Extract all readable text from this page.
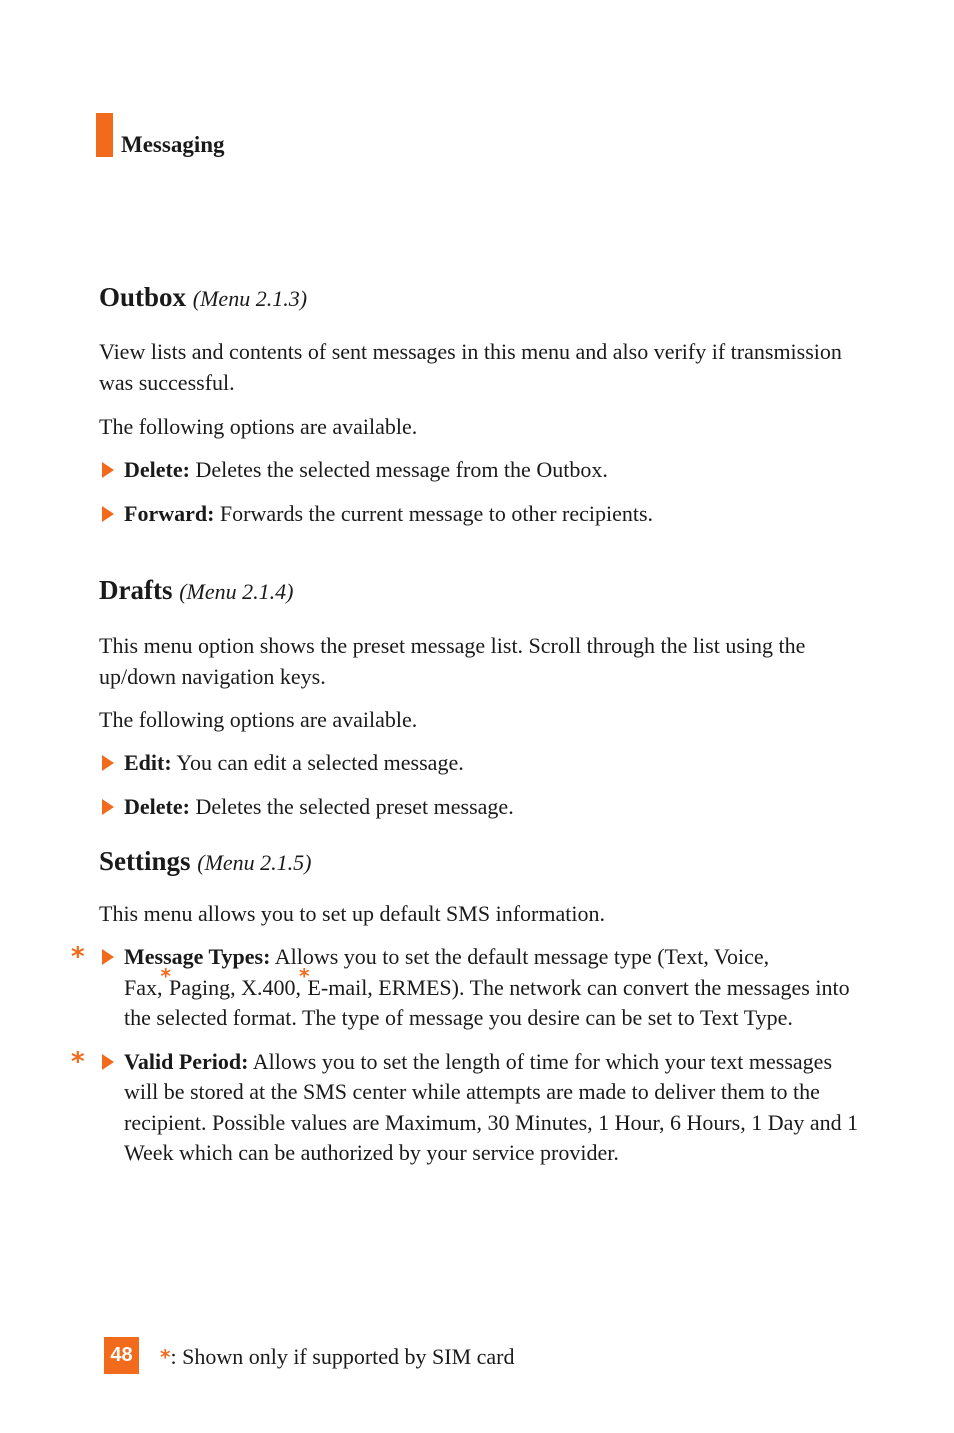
Messaging
Outbox (Menu 2.1.3)

View lists and contents of sent messages in this menu and also verify if transmission was successful.

The following options are available.

Delete: Deletes the selected message from the Outbox.
Forward: Forwards the current message to other recipients.
Drafts (Menu 2.1.4)

This menu option shows the preset message list. Scroll through the list using the up/down navigation keys.

The following options are available.

Edit: You can edit a selected message.
Delete: Deletes the selected preset message.
Settings (Menu 2.1.5)

This menu allows you to set up default SMS information.

* Message Types: Allows you to set the default message type (Text, Voice, Fax,*Paging, X.400,*E-mail, ERMES). The network can convert the messages into the selected format. The type of message you desire can be set to Text Type.
* Valid Period: Allows you to set the length of time for which your text messages will be stored at the SMS center while attempts are made to deliver them to the recipient. Possible values are Maximum, 30 Minutes, 1 Hour, 6 Hours, 1 Day and 1 Week which can be authorized by your service provider.
48	*: Shown only if supported by SIM card
